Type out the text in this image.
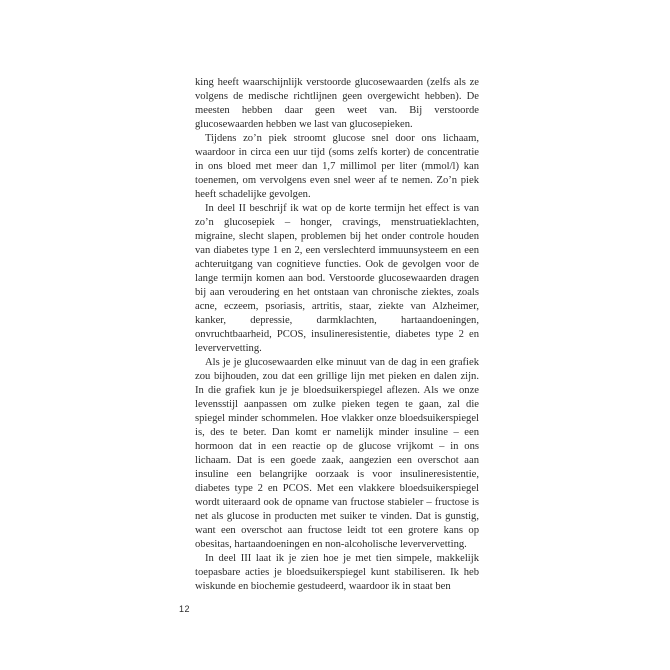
king heeft waarschijnlijk verstoorde glucosewaarden (zelfs als ze volgens de medische richtlijnen geen overgewicht hebben). De meesten hebben daar geen weet van. Bij verstoorde glucosewaarden hebben we last van glucosepieken.

Tijdens zo’n piek stroomt glucose snel door ons lichaam, waardoor in circa een uur tijd (soms zelfs korter) de concentratie in ons bloed met meer dan 1,7 millimol per liter (mmol/l) kan toenemen, om vervolgens even snel weer af te nemen. Zo’n piek heeft schadelijke gevolgen.

In deel II beschrijf ik wat op de korte termijn het effect is van zo’n glucosepiek – honger, cravings, menstruatieklachten, migraine, slecht slapen, problemen bij het onder controle houden van diabetes type 1 en 2, een verslechterd immuunsysteem en een achteruitgang van cognitieve functies. Ook de gevolgen voor de lange termijn komen aan bod. Verstoorde glucosewaarden dragen bij aan veroudering en het ontstaan van chronische ziektes, zoals acne, eczeem, psoriasis, artritis, staar, ziekte van Alzheimer, kanker, depressie, darmklachten, hartaandoeningen, onvruchtbaarheid, PCOS, insulineresistentie, diabetes type 2 en leververvetting.

Als je je glucosewaarden elke minuut van de dag in een grafiek zou bijhouden, zou dat een grillige lijn met pieken en dalen zijn. In die grafiek kun je je bloedsuikerspiegel aflezen. Als we onze levensstijl aanpassen om zulke pieken tegen te gaan, zal die spiegel minder schommelen. Hoe vlakker onze bloedsuikerspiegel is, des te beter. Dan komt er namelijk minder insuline – een hormoon dat in een reactie op de glucose vrijkomt – in ons lichaam. Dat is een goede zaak, aangezien een overschot aan insuline een belangrijke oorzaak is voor insulineresistentie, diabetes type 2 en PCOS. Met een vlakkere bloedsuikerspiegel wordt uiteraard ook de opname van fructose stabieler – fructose is net als glucose in producten met suiker te vinden. Dat is gunstig, want een overschot aan fructose leidt tot een grotere kans op obesitas, hartaandoeningen en non-alcoholische leververvetting.

In deel III laat ik je zien hoe je met tien simpele, makkelijk toepasbare acties je bloedsuikerspiegel kunt stabiliseren. Ik heb wiskunde en biochemie gestudeerd, waardoor ik in staat ben

12
